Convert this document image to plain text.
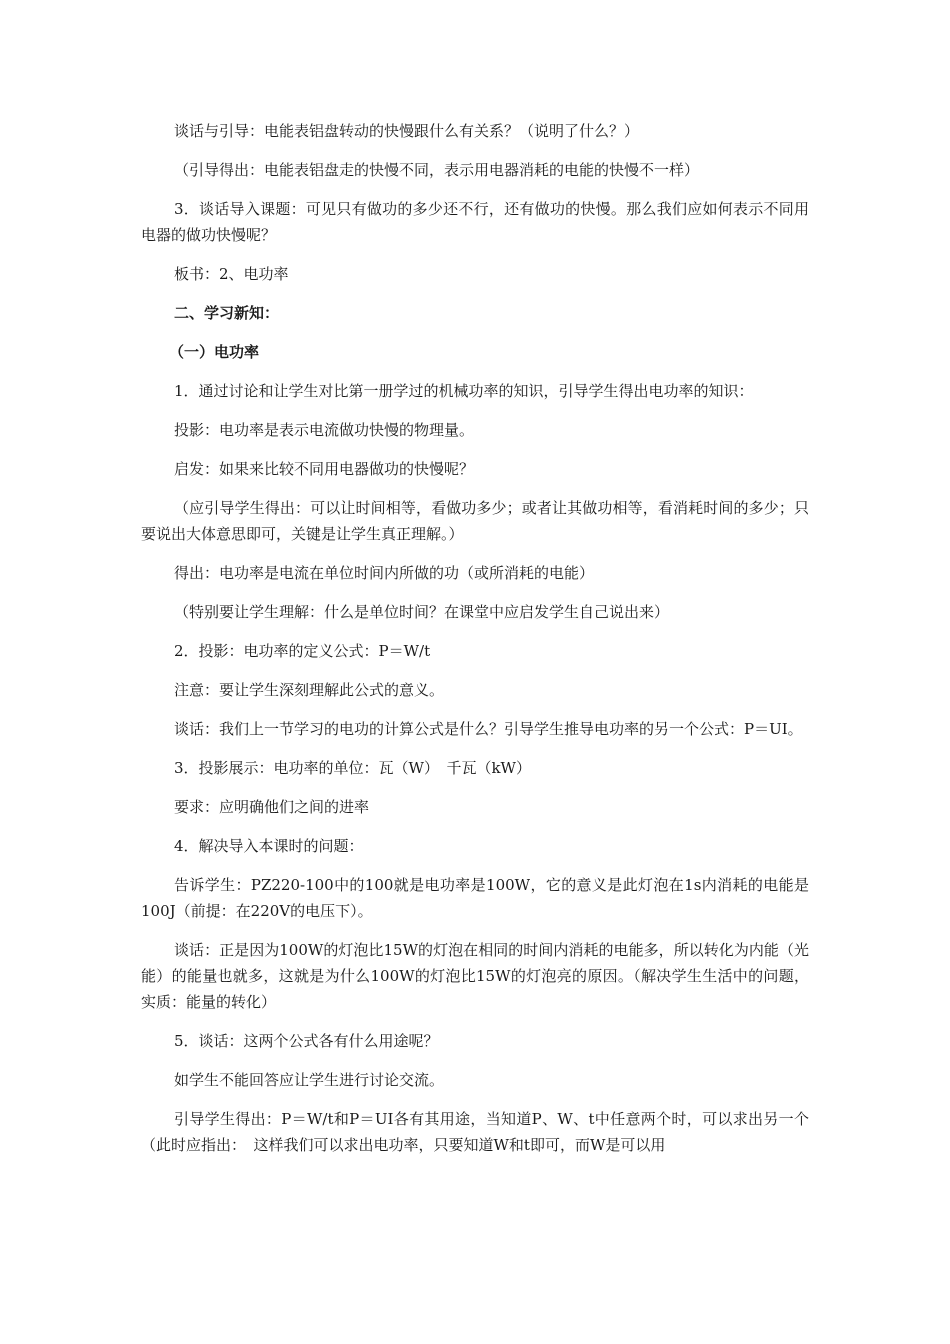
谈话与引导：电能表铝盘转动的快慢跟什么有关系？（说明了什么？）

（引导得出：电能表铝盘走的快慢不同，表示用电器消耗的电能的快慢不一样）

3．谈话导入课题：可见只有做功的多少还不行，还有做功的快慢。那么我们应如何表示不同用电器的做功快慢呢？

板书：2、电功率

二、学习新知：

（一）电功率

1．通过讨论和让学生对比第一册学过的机械功率的知识，引导学生得出电功率的知识：

投影：电功率是表示电流做功快慢的物理量。

启发：如果来比较不同用电器做功的快慢呢？

（应引导学生得出：可以让时间相等，看做功多少；或者让其做功相等，看消耗时间的多少；只要说出大体意思即可，关键是让学生真正理解。）

得出：电功率是电流在单位时间内所做的功（或所消耗的电能）

（特别要让学生理解：什么是单位时间？在课堂中应启发学生自己说出来）

2．投影：电功率的定义公式：P＝W/t

注意：要让学生深刻理解此公式的意义。

谈话：我们上一节学习的电功的计算公式是什么？引导学生推导电功率的另一个公式：P＝UI。

3．投影展示：电功率的单位：瓦（W）　千瓦（kW）

要求：应明确他们之间的进率

4．解决导入本课时的问题：

告诉学生：PZ220-100中的100就是电功率是100W，它的意义是此灯泡在1s内消耗的电能是100J（前提：在220V的电压下）。

谈话：正是因为100W的灯泡比15W的灯泡在相同的时间内消耗的电能多，所以转化为内能（光能）的能量也就多，这就是为什么100W的灯泡比15W的灯泡亮的原因。（解决学生生活中的问题，实质：能量的转化）

5．谈话：这两个公式各有什么用途呢？

如学生不能回答应让学生进行讨论交流。

引导学生得出：P＝W/t和P＝UI各有其用途，当知道P、W、t中任意两个时，可以求出另一个（此时应指出：　这样我们可以求出电功率，只要知道W和t即可，而W是可以用
